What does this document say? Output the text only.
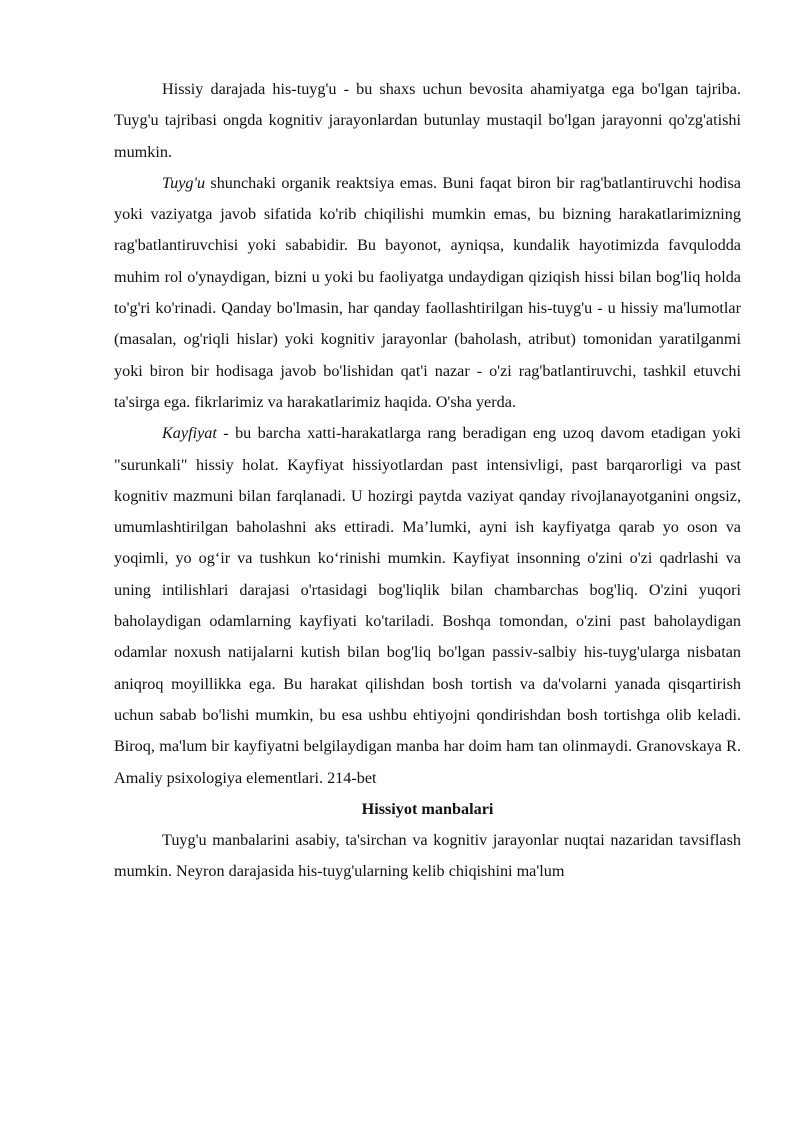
Hissiy darajada his-tuyg'u - bu shaxs uchun bevosita ahamiyatga ega bo'lgan tajriba. Tuyg'u tajribasi ongda kognitiv jarayonlardan butunlay mustaqil bo'lgan jarayonni qo'zg'atishi mumkin.

Tuyg'u shunchaki organik reaktsiya emas. Buni faqat biron bir rag'batlantiruvchi hodisa yoki vaziyatga javob sifatida ko'rib chiqilishi mumkin emas, bu bizning harakatlarimizning rag'batlantiruvchisi yoki sababidir. Bu bayonot, ayniqsa, kundalik hayotimizda favqulodda muhim rol o'ynaydigan, bizni u yoki bu faoliyatga undaydigan qiziqish hissi bilan bog'liq holda to'g'ri ko'rinadi. Qanday bo'lmasin, har qanday faollashtirilgan his-tuyg'u - u hissiy ma'lumotlar (masalan, og'riqli hislar) yoki kognitiv jarayonlar (baholash, atribut) tomonidan yaratilganmi yoki biron bir hodisaga javob bo'lishidan qat'i nazar - o'zi rag'batlantiruvchi, tashkil etuvchi ta'sirga ega. fikrlarimiz va harakatlarimiz haqida. O'sha yerda.

Kayfiyat - bu barcha xatti-harakatlarga rang beradigan eng uzoq davom etadigan yoki "surunkali" hissiy holat. Kayfiyat hissiyotlardan past intensivligi, past barqarorligi va past kognitiv mazmuni bilan farqlanadi. U hozirgi paytda vaziyat qanday rivojlanayotganini ongsiz, umumlashtirilgan baholashni aks ettiradi. Ma’lumki, ayni ish kayfiyatga qarab yo oson va yoqimli, yo og‘ir va tushkun ko‘rinishi mumkin. Kayfiyat insonning o'zini o'zi qadrlashi va uning intilishlari darajasi o'rtasidagi bog'liqlik bilan chambarchas bog'liq. O'zini yuqori baholaydigan odamlarning kayfiyati ko'tariladi. Boshqa tomondan, o'zini past baholaydigan odamlar noxush natijalarni kutish bilan bog'liq bo'lgan passiv-salbiy his-tuyg'ularga nisbatan aniqroq moyillikka ega. Bu harakat qilishdan bosh tortish va da'volarni yanada qisqartirish uchun sabab bo'lishi mumkin, bu esa ushbu ehtiyojni qondirishdan bosh tortishga olib keladi. Biroq, ma'lum bir kayfiyatni belgilaydigan manba har doim ham tan olinmaydi. Granovskaya R. Amaliy psixologiya elementlari. 214-bet

Hissiyot manbalari

Tuyg'u manbalarini asabiy, ta'sirchan va kognitiv jarayonlar nuqtai nazaridan tavsiflash mumkin. Neyron darajasida his-tuyg'ularning kelib chiqishini ma'lum
